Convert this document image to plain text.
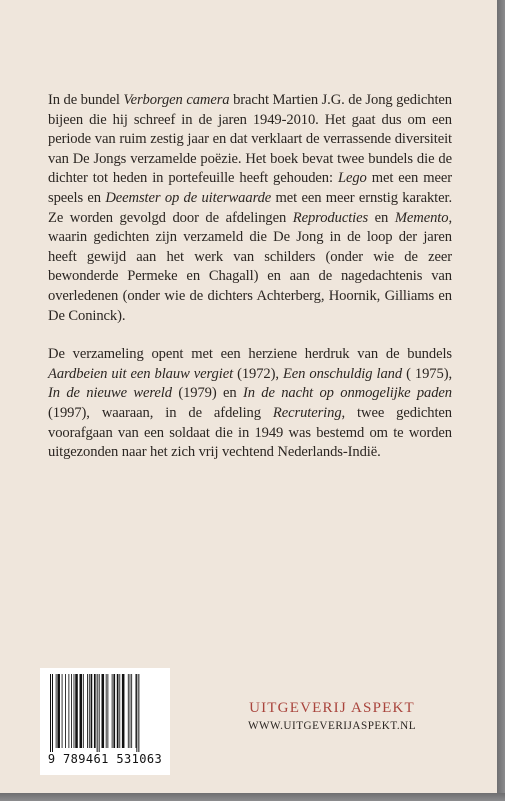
In de bundel Verborgen camera bracht Martien J.G. de Jong gedichten bijeen die hij schreef in de jaren 1949-2010. Het gaat dus om een periode van ruim zestig jaar en dat verklaart de verrassende diversiteit van De Jongs verzamelde poëzie. Het boek bevat twee bundels die de dichter tot heden in portefeuille heeft gehouden: Lego met een meer speels en Deemster op de uiterwaarde met een meer ernstig karakter. Ze worden gevolgd door de afdelingen Reproducties en Memento, waarin gedichten zijn verzameld die De Jong in de loop der jaren heeft gewijd aan het werk van schilders (onder wie de zeer bewonderde Permeke en Chagall) en aan de nagedachtenis van overledenen (onder wie de dichters Achterberg, Hoornik, Gilliams en De Coninck).

De verzameling opent met een herziene herdruk van de bundels Aardbeien uit een blauw vergiet (1972), Een onschuldig land ( 1975), In de nieuwe wereld (1979) en In de nacht op onmogelijke paden (1997), waaraan, in de afdeling Recrutering, twee gedichten voorafgaan van een soldaat die in 1949 was bestemd om te worden uitgezonden naar het zich vrij vechtend Nederlands-Indië.

9 789461 531063
UITGEVERIJ ASPEKT
WWW.UITGEVERIJASPEKT.NL
